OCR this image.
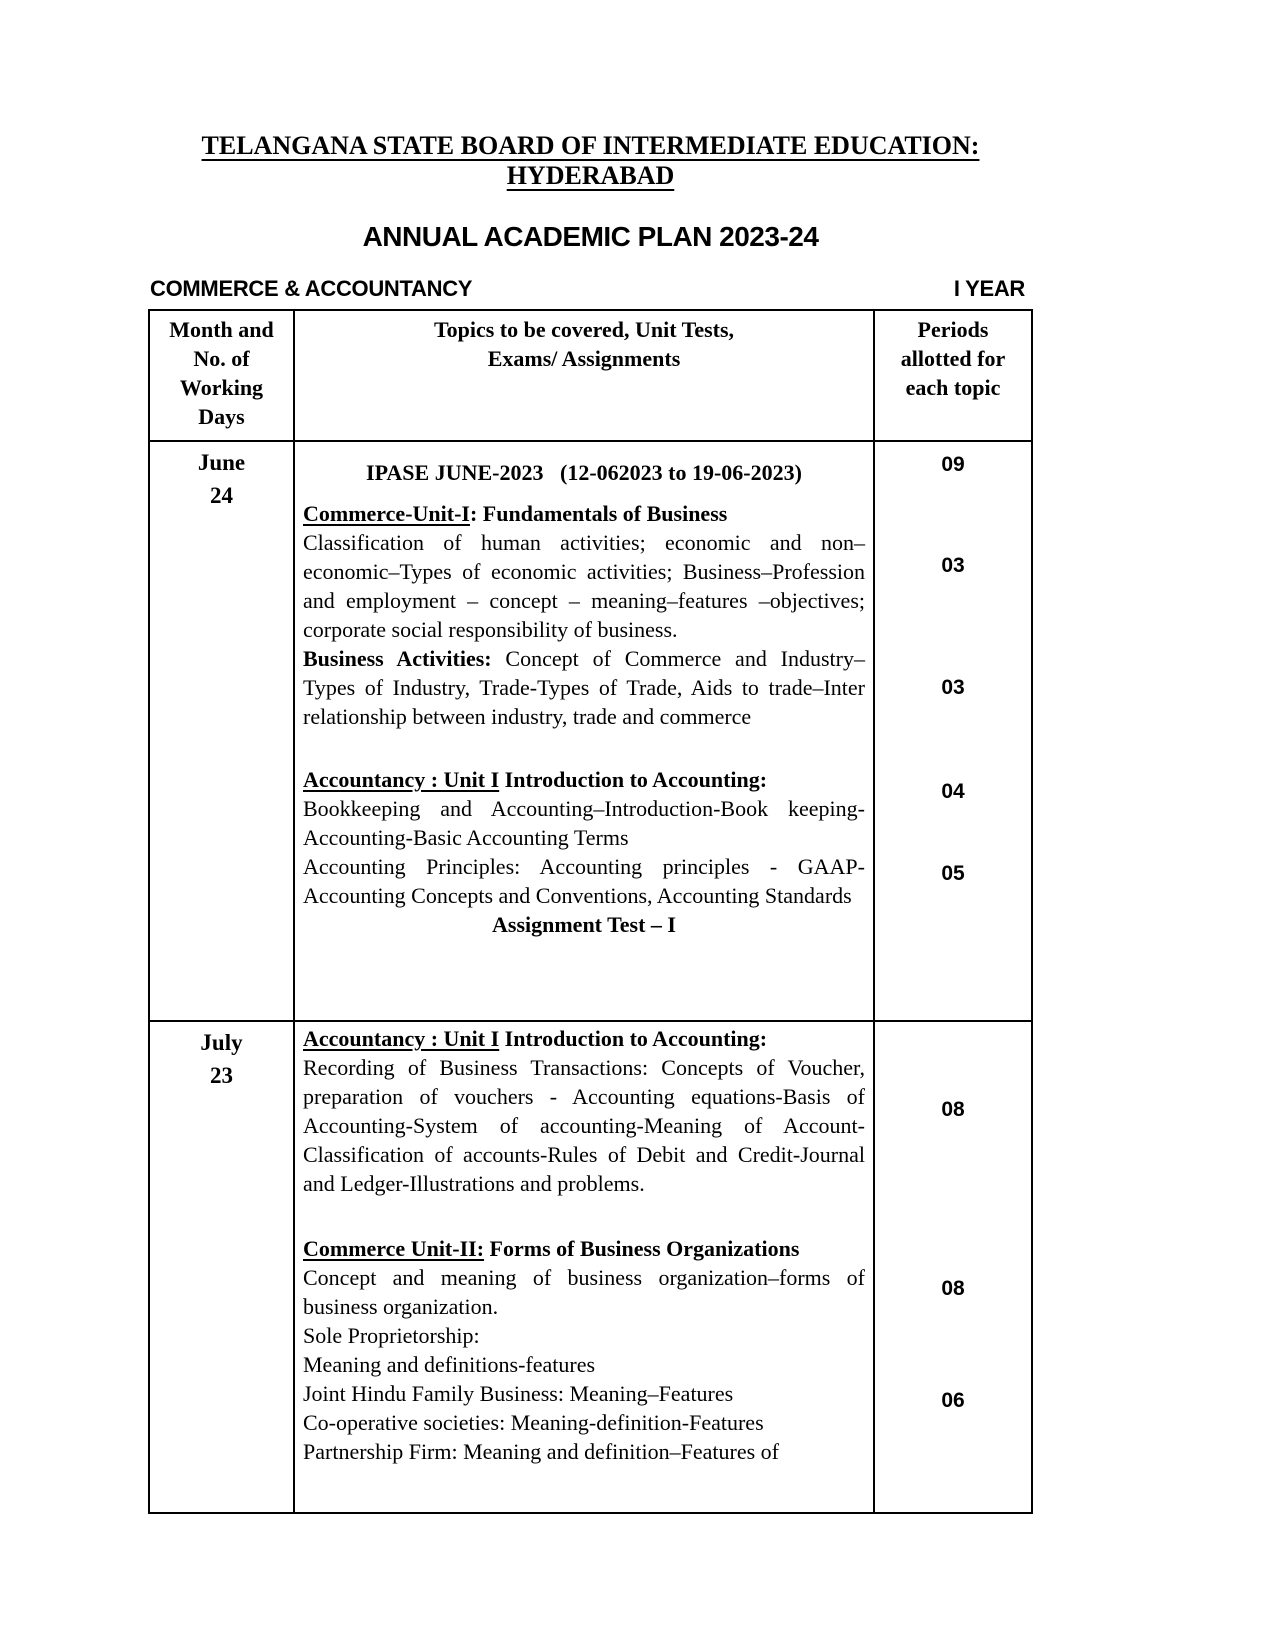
TELANGANA STATE BOARD OF INTERMEDIATE EDUCATION: HYDERABAD
ANNUAL ACADEMIC PLAN 2023-24
COMMERCE & ACCOUNTANCY	I YEAR
Month and No. of Working Days
Topics to be covered, Unit Tests,
Exams/ Assignments
Periods allotted for each topic
June
24
IPASE JUNE-2023   (12-062023 to 19-06-2023)	09

Commerce-Unit-I: Fundamentals of Business

Classification of human activities; economic and non–economic–Types of economic activities; Business–Profession and employment – concept – meaning–features –objectives; corporate social responsibility of business.

03

Business Activities: Concept of Commerce and Industry–Types of Industry, Trade-Types of Trade, Aids to trade–Inter relationship between industry, trade and commerce

03

Accountancy : Unit I Introduction to Accounting:

Bookkeeping and Accounting–Introduction-Book keeping-Accounting-Basic Accounting Terms

04

Accounting Principles: Accounting principles - GAAP-Accounting Concepts and Conventions, Accounting Standards

05
Assignment Test – I
July
23

Accountancy : Unit I Introduction to Accounting:

Recording of Business Transactions: Concepts of Voucher, preparation of vouchers - Accounting equations-Basis of Accounting-System of accounting-Meaning of Account-Classification of accounts-Rules of Debit and Credit-Journal and Ledger-Illustrations and problems.

08

Commerce Unit-II: Forms of Business Organizations

Concept and meaning of business organization–forms of business organization.

Sole Proprietorship:

Meaning and definitions-features

08

Joint Hindu Family Business: Meaning–Features

Co-operative societies: Meaning-definition-Features

Partnership Firm: Meaning and definition–Features of

06
